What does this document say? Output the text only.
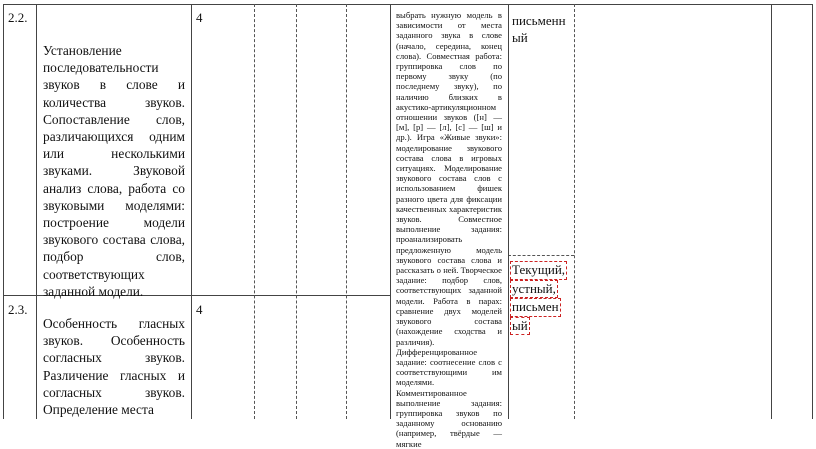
2.2.
Установление последовательности звуков в слове и количества звуков. Сопоставление слов, различающихся одним или несколькими звуками. Звуковой анализ слова, работа со звуковыми моделями: построение модели звукового состава слова, подбор слов, соответствующих заданной модели.
4
2.3.
Особенность гласных звуков. Особенность согласных звуков. Различение гласных и согласных звуков. Определение места
4
выбрать нужную модель в зависимости от места заданного звука в слове (начало, середина, конец слова). Совместная работа: группировка слов по первому звуку (по последнему звуку), по наличию близких в акустико-артикуляционном отношении звуков ([н] — [м], [р] — [л], [с] — [ш] и др.). Игра «Живые звуки»: моделирование звукового состава слова в игровых ситуациях. Моделирование звукового состава слов с использованием фишек разного цвета для фиксации качественных характеристик звуков. Совместное выполнение задания: проанализировать предложенную модель звукового состава слова и рассказать о ней. Творческое задание: подбор слов, соответствующих заданной модели. Работа в парах: сравнение двух моделей звукового состава (нахождение сходства и различия). Дифференцированное задание: соотнесение слов с соответствующими им моделями. Комментированное выполнение задания: группировка звуков по заданному основанию (например, твёрдые — мягкие
письменный
Текущий,
устный,
письмен
ый
